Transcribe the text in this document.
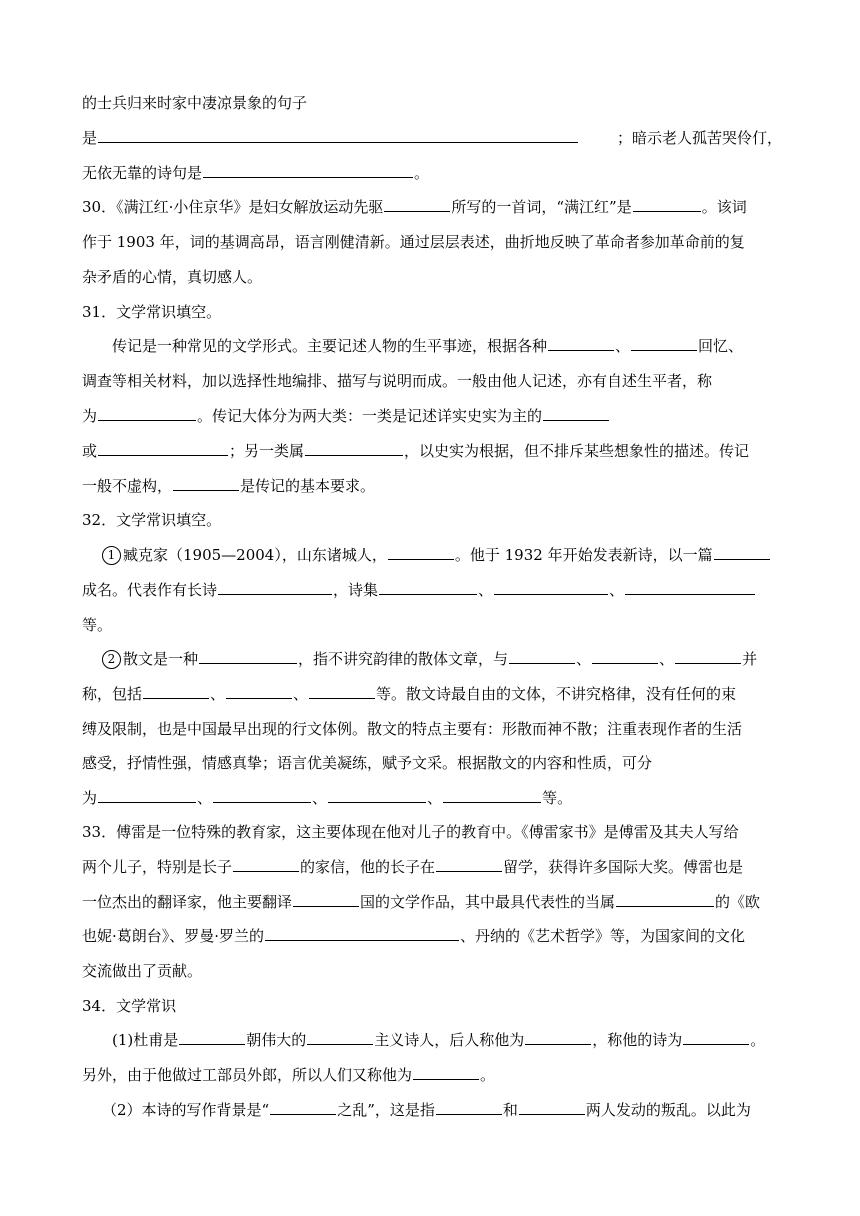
的士兵归来时家中凄凉景象的句子
是	；暗示老人孤苦哭伶仃，
无依无靠的诗句是	。
30．《满江红·小住京华》是妇女解放运动先驱	所写的一首词，“满江红”是	。该词
作于 1903 年，词的基调高昂，语言刚健清新。通过层层表述，曲折地反映了革命者参加革命前的复
杂矛盾的心情，真切感人。
31．文学常识填空。
传记是一种常见的文学形式。主要记述人物的生平事迹，根据各种	、	回忆、
调查等相关材料，加以选择性地编排、描写与说明而成。一般由他人记述，亦有自述生平者，称
为	。传记大体分为两大类：一类是记述详实史实为主的
或	；另一类属	，以史实为根据，但不排斥某些想象性的描述。传记
一般不虚构，	是传记的基本要求。
32．文学常识填空。
1 臧克家（1905—2004），山东诸城人，	。他于 1932 年开始发表新诗，以一篇
成名。代表作有长诗	，诗集	、	、
等。
2 散文是一种	，指不讲究韵律的散体文章，与	、	、	并
称，包括	、	、	等。散文诗最自由的文体，不讲究格律，没有任何的束
缚及限制，也是中国最早出现的行文体例。散文的特点主要有：形散而神不散；注重表现作者的生活
感受，抒情性强，情感真挚；语言优美凝练，赋予文采。根据散文的内容和性质，可分
为	、	、	、	等。
33．傅雷是一位特殊的教育家，这主要体现在他对儿子的教育中。《傅雷家书》是傅雷及其夫人写给
两个儿子，特别是长子	的家信，他的长子在	留学，获得许多国际大奖。傅雷也是
一位杰出的翻译家，他主要翻译	国的文学作品，其中最具代表性的当属	的《欧
也妮·葛朗台》、罗曼·罗兰的	、丹纳的《艺术哲学》等，为国家间的文化
交流做出了贡献。
34．文学常识
(1)杜甫是	朝伟大的	主义诗人，后人称他为	，称他的诗为	。
另外，由于他做过工部员外郎，所以人们又称他为	。
（2）本诗的写作背景是“	之乱”，这是指	和	两人发动的叛乱。以此为
